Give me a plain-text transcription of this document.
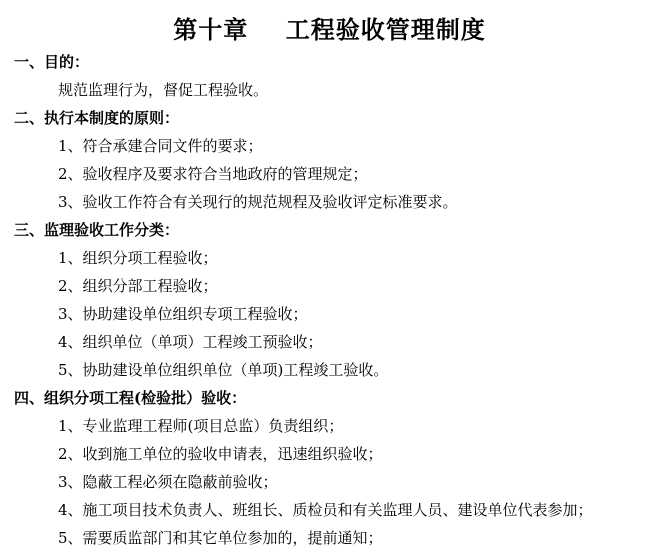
第十章    工程验收管理制度
一、目的：
规范监理行为，督促工程验收。
二、执行本制度的原则：
1、符合承建合同文件的要求；
2、验收程序及要求符合当地政府的管理规定；
3、验收工作符合有关现行的规范规程及验收评定标准要求。
三、监理验收工作分类：
1、组织分项工程验收；
2、组织分部工程验收；
3、协助建设单位组织专项工程验收；
4、组织单位（单项）工程竣工预验收；
5、协助建设单位组织单位（单项)工程竣工验收。
四、组织分项工程(检验批）验收：
1、专业监理工程师(项目总监）负责组织；
2、收到施工单位的验收申请表，迅速组织验收；
3、隐蔽工程必须在隐蔽前验收；
4、施工项目技术负责人、班组长、质检员和有关监理人员、建设单位代表参加；
5、需要质监部门和其它单位参加的，提前通知；
